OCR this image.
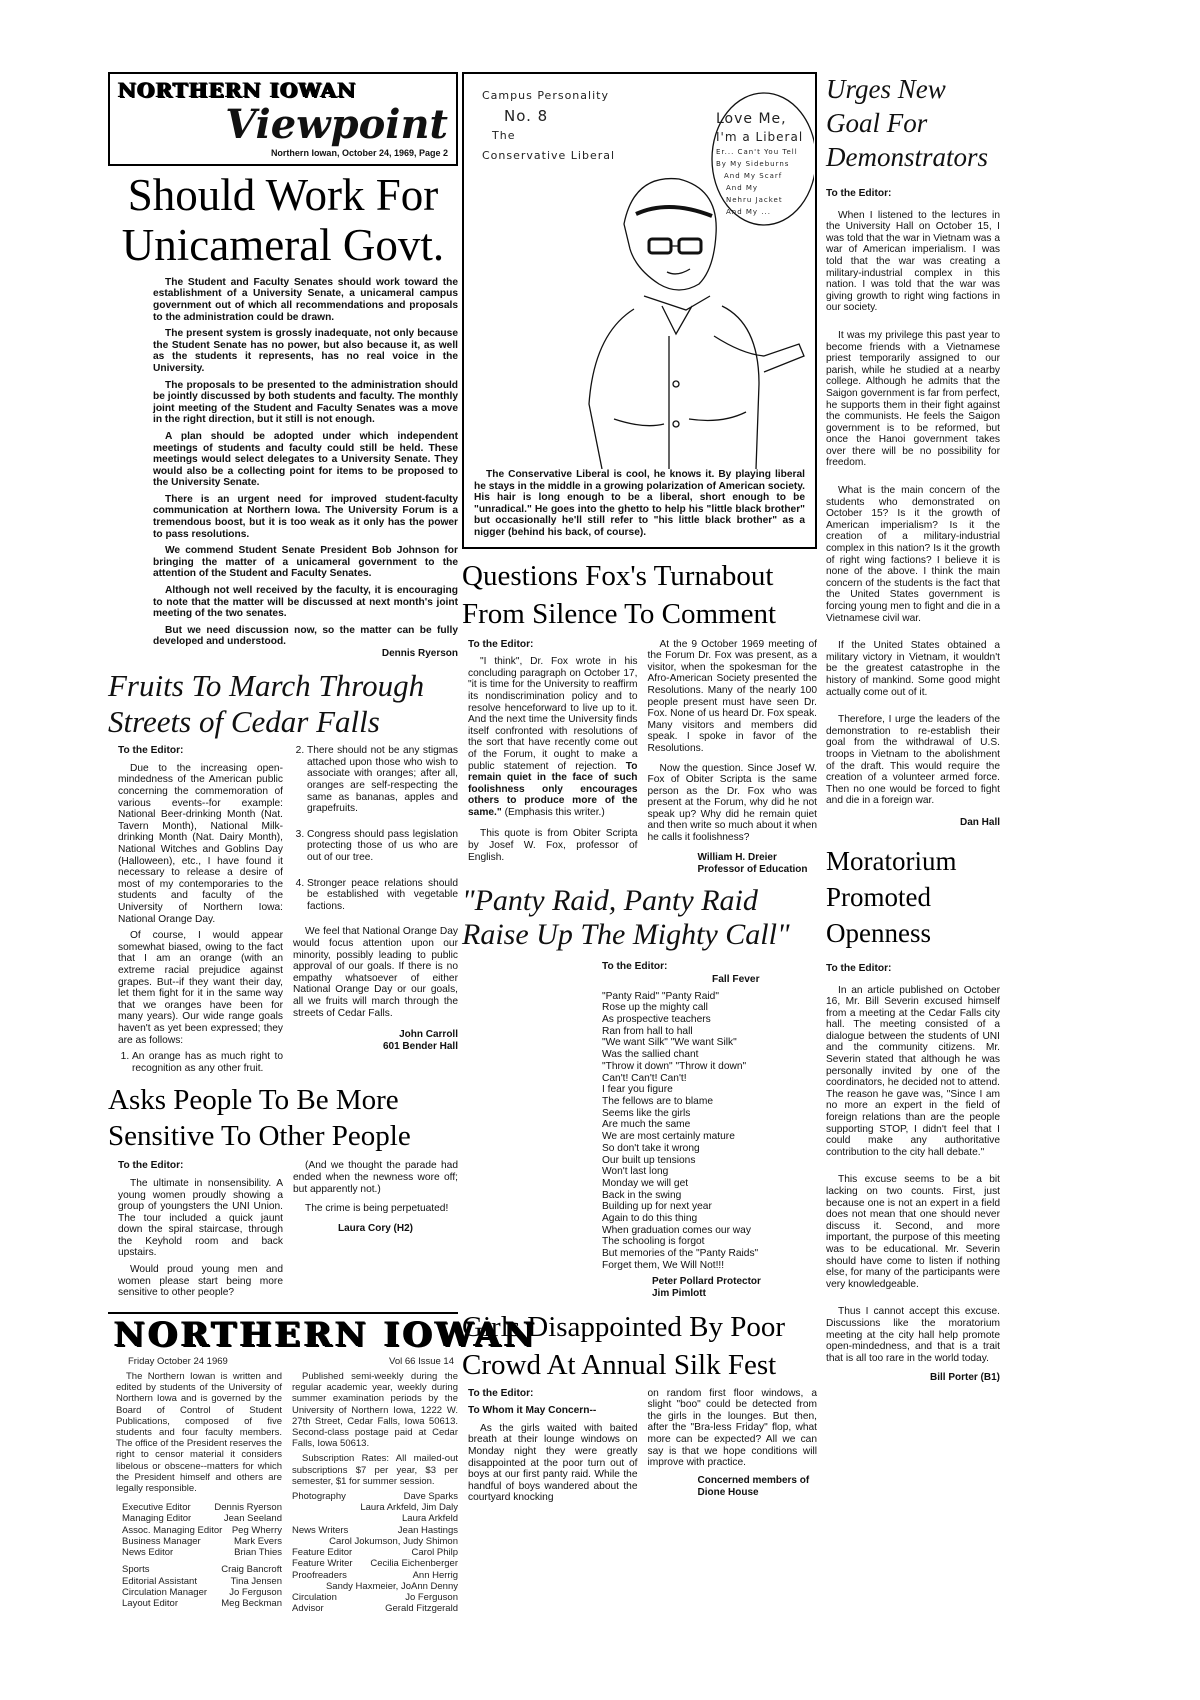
NORTHERN IOWAN
Viewpoint
Northern Iowan, October 24, 1969, Page 2
Should Work For Unicameral Govt.

The Student and Faculty Senates should work toward the establishment of a University Senate, a unicameral campus government out of which all recommendations and proposals to the administration could be drawn.

The present system is grossly inadequate, not only because the Student Senate has no power, but also because it, as well as the students it represents, has no real voice in the University.

The proposals to be presented to the administration should be jointly discussed by both students and faculty. The monthly joint meeting of the Student and Faculty Senates was a move in the right direction, but it still is not enough.

A plan should be adopted under which independent meetings of students and faculty could still be held. These meetings would select delegates to a University Senate. They would also be a collecting point for items to be proposed to the University Senate.

There is an urgent need for improved student-faculty communication at Northern Iowa. The University Forum is a tremendous boost, but it is too weak as it only has the power to pass resolutions.

We commend Student Senate President Bob Johnson for bringing the matter of a unicameral government to the attention of the Student and Faculty Senates.

Although not well received by the faculty, it is encouraging to note that the matter will be discussed at next month's joint meeting of the two senates.

But we need discussion now, so the matter can be fully developed and understood.

Dennis Ryerson
Fruits To March Through Streets of Cedar Falls
To the Editor:

Due to the increasing open-mindedness of the American public concerning the commemoration of various events--for example: National Beer-drinking Month (Nat. Tavern Month), National Milk-drinking Month (Nat. Dairy Month), National Witches and Goblins Day (Halloween), etc., I have found it necessary to release a desire of most of my contemporaries to the students and faculty of the University of Northern Iowa: National Orange Day.

Of course, I would appear somewhat biased, owing to the fact that I am an orange (with an extreme racial prejudice against grapes. But--if they want their day, let them fight for it in the same way that we oranges have been for many years). Our wide range goals haven't as yet been expressed; they are as follows:

1. An orange has as much right to recognition as any other fruit.
2. There should not be any stigmas attached upon those who wish to associate with oranges; after all, oranges are self-respecting the same as bananas, apples and grapefruits.
3. Congress should pass legislation protecting those of us who are out of our tree.
4. Stronger peace relations should be established with vegetable factions.

We feel that National Orange Day would focus attention upon our minority, possibly leading to public approval of our goals. If there is no empathy whatsoever of either National Orange Day or our goals, all we fruits will march through the streets of Cedar Falls.

John Carroll
601 Bender Hall
Asks People To Be More Sensitive To Other People
To the Editor:

The ultimate in nonsensibility. A young women proudly showing a group of youngsters the UNI Union. The tour included a quick jaunt down the spiral staircase, through the Keyhold room and back upstairs.

Would proud young men and women please start being more sensitive to other people?

(And we thought the parade had ended when the newness wore off; but apparently not.)

The crime is being perpetuated!

Laura Cory (H2)
NORTHERN IOWAN
Friday October 24 1969	Vol 66 Issue 14

The Northern Iowan is written and edited by students of the University of Northern Iowa and is governed by the Board of Control of Student Publications, composed of five students and four faculty members. The office of the President reserves the right to censor material it considers libelous or obscene--matters for which the President himself and others are legally responsible.

Executive Editor	Dennis Ryerson
Managing Editor	Jean Seeland
Assoc. Managing Editor Peg Wherry
Business Manager	Mark Evers
News Editor	Brian Thies
Sports	Craig Bancroft
Editorial Assistant	Tina Jensen
Circulation Manager Jo Ferguson
Layout Editor	Meg Beckman

Published semi-weekly during the regular academic year, weekly during summer examination periods by the University of Northern Iowa, 1222 W. 27th Street, Cedar Falls, Iowa 50613. Second-class postage paid at Cedar Falls, Iowa 50613.

Subscription Rates: All mailed-out subscriptions $7 per year, $3 per semester, $1 for summer session.

Photography	Dave Sparks
Laura Arkfeld, Jim Daly
Laura Arkfeld
News Writers	Jean Hastings
Carol Jokumson, Judy Shimon
Feature Editor	Carol Philp
Feature Writer Cecilia Eichenberger
Proofreaders	Ann Herrig
Sandy Haxmeier, JoAnn Denny
Circulation	Jo Ferguson
Advisor	Gerald Fitzgerald
Campus Personality
No. 8
The
Conservative Liberal
Love Me,
I'm a Liberal
Er... Can't You Tell
By My Sideburns
And My Scarf
And My
Nehru Jacket
And My ...
The Conservative Liberal is cool, he knows it. By playing liberal he stays in the middle in a growing polarization of American society. His hair is long enough to be a liberal, short enough to be "unradical." He goes into the ghetto to help his "little black brother" but occasionally he'll still refer to "his little black brother" as a nigger (behind his back, of course).
Questions Fox's Turnabout From Silence To Comment
To the Editor:

"I think", Dr. Fox wrote in his concluding paragraph on October 17, "it is time for the University to reaffirm its nondiscrimination policy and to resolve henceforward to live up to it. And the next time the University finds itself confronted with resolutions of the sort that have recently come out of the Forum, it ought to make a public statement of rejection. To remain quiet in the face of such foolishness only encourages others to produce more of the same." (Emphasis this writer.)

This quote is from Obiter Scripta by Josef W. Fox, professor of English.

At the 9 October 1969 meeting of the Forum Dr. Fox was present, as a visitor, when the spokesman for the Afro-American Society presented the Resolutions. Many of the nearly 100 people present must have seen Dr. Fox. None of us heard Dr. Fox speak. Many visitors and members did speak. I spoke in favor of the Resolutions.

Now the question. Since Josef W. Fox of Obiter Scripta is the same person as the Dr. Fox who was present at the Forum, why did he not speak up? Why did he remain quiet and then write so much about it when he calls it foolishness?

William H. Dreier
Professor of Education
"Panty Raid, Panty Raid Raise Up The Mighty Call"
To the Editor:
Fall Fever
"Panty Raid" "Panty Raid"
Rose up the mighty call
As prospective teachers
Ran from hall to hall
"We want Silk" "We want Silk"
Was the sallied chant
"Throw it down" "Throw it down"
Can't! Can't! Can't!
I fear you figure
The fellows are to blame
Seems like the girls
Are much the same
We are most certainly mature
So don't take it wrong
Our built up tensions
Won't last long
Monday we will get
Back in the swing
Building up for next year
Again to do this thing
When graduation comes our way
The schooling is forgot
But memories of the "Panty Raids"
Forget them, We Will Not!!!
Peter Pollard Protector
Jim Pimlott
Girls Disappointed By Poor Crowd At Annual Silk Fest
To the Editor:
To Whom it May Concern--

As the girls waited with baited breath at their lounge windows on Monday night they were greatly disappointed at the poor turn out of boys at our first panty raid. While the handful of boys wandered about the courtyard knocking

on random first floor windows, a slight "boo" could be detected from the girls in the lounges. But then, after the "Bra-less Friday" flop, what more can be expected? All we can say is that we hope conditions will improve with practice.

Concerned members of
Dione House
Urges New Goal For Demonstrators
To the Editor:

When I listened to the lectures in the University Hall on October 15, I was told that the war in Vietnam was a war of American imperialism. I was told that the war was creating a military-industrial complex in this nation. I was told that the war was giving growth to right wing factions in our society.

It was my privilege this past year to become friends with a Vietnamese priest temporarily assigned to our parish, while he studied at a nearby college. Although he admits that the Saigon government is far from perfect, he supports them in their fight against the communists. He feels the Saigon government is to be reformed, but once the Hanoi government takes over there will be no possibility for freedom.

What is the main concern of the students who demonstrated on October 15? Is it the growth of American imperialism? Is it the creation of a military-industrial complex in this nation? Is it the growth of right wing factions? I believe it is none of the above. I think the main concern of the students is the fact that the United States government is forcing young men to fight and die in a Vietnamese civil war.

If the United States obtained a military victory in Vietnam, it wouldn't be the greatest catastrophe in the history of mankind. Some good might actually come out of it.

Therefore, I urge the leaders of the demonstration to re-establish their goal from the withdrawal of U.S. troops in Vietnam to the abolishment of the draft. This would require the creation of a volunteer armed force. Then no one would be forced to fight and die in a foreign war.

Dan Hall
Moratorium Promoted Openness
To the Editor:

In an article published on October 16, Mr. Bill Severin excused himself from a meeting at the Cedar Falls city hall. The meeting consisted of a dialogue between the students of UNI and the community citizens. Mr. Severin stated that although he was personally invited by one of the coordinators, he decided not to attend. The reason he gave was, "Since I am no more an expert in the field of foreign relations than are the people supporting STOP, I didn't feel that I could make any authoritative contribution to the city hall debate."

This excuse seems to be a bit lacking on two counts. First, just because one is not an expert in a field does not mean that one should never discuss it. Second, and more important, the purpose of this meeting was to be educational. Mr. Severin should have come to listen if nothing else, for many of the participants were very knowledgeable.

Thus I cannot accept this excuse. Discussions like the moratorium meeting at the city hall help promote open-mindedness, and that is a trait that is all too rare in the world today.

Bill Porter (B1)
